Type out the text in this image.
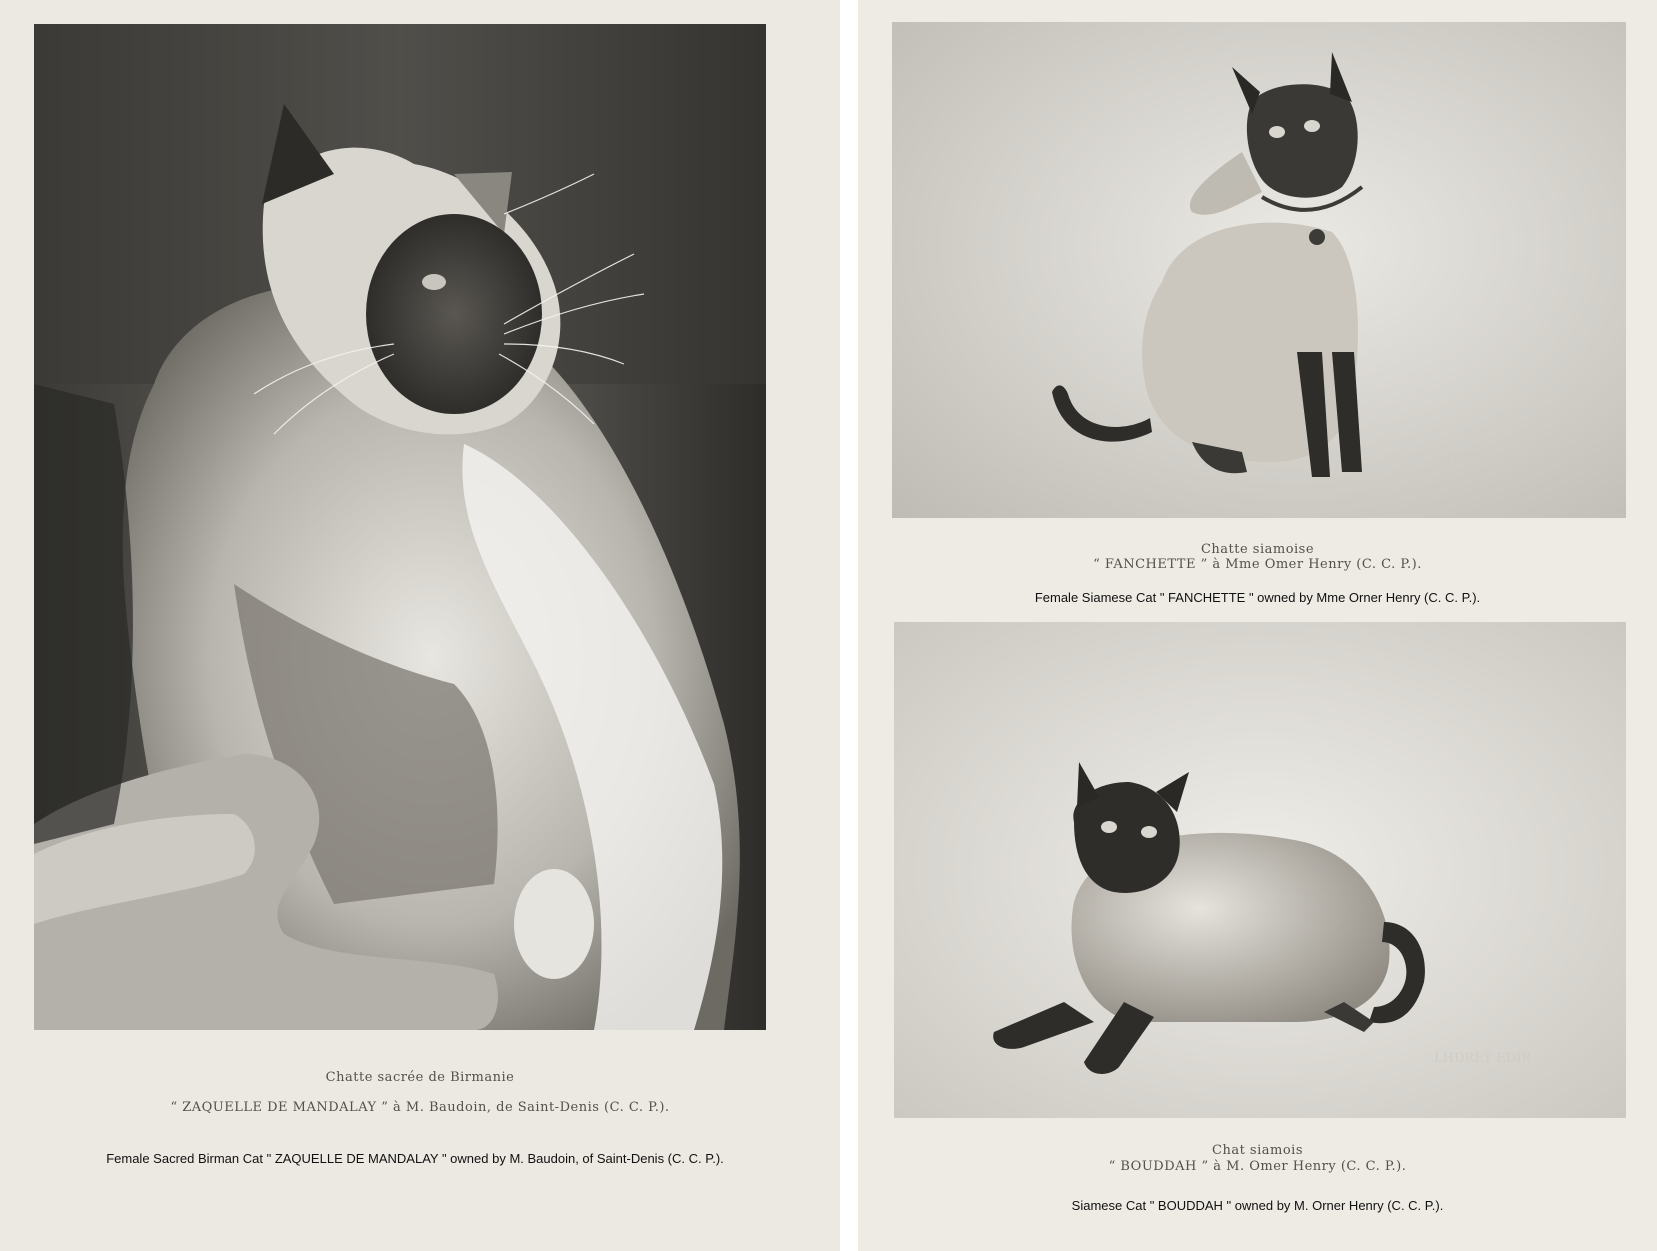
Chatte sacrée de Birmanie
“ ZAQUELLE DE MANDALAY ” à M. Baudoin, de Saint-Denis (C. C. P.).
Female Sacred Birman Cat " ZAQUELLE DE MANDALAY " owned by M. Baudoin, of Saint-Denis (C. C. P.).
LHDREY EDIR
Chatte siamoise
“ FANCHETTE ” à Mme Omer Henry (C. C. P.).
Female Siamese Cat " FANCHETTE " owned by Mme Orner Henry (C. C. P.).
LHDREY EDIR
Chat siamois
“ BOUDDAH ” à M. Omer Henry (C. C. P.).
Siamese Cat " BOUDDAH " owned by M. Orner Henry (C. C. P.).
